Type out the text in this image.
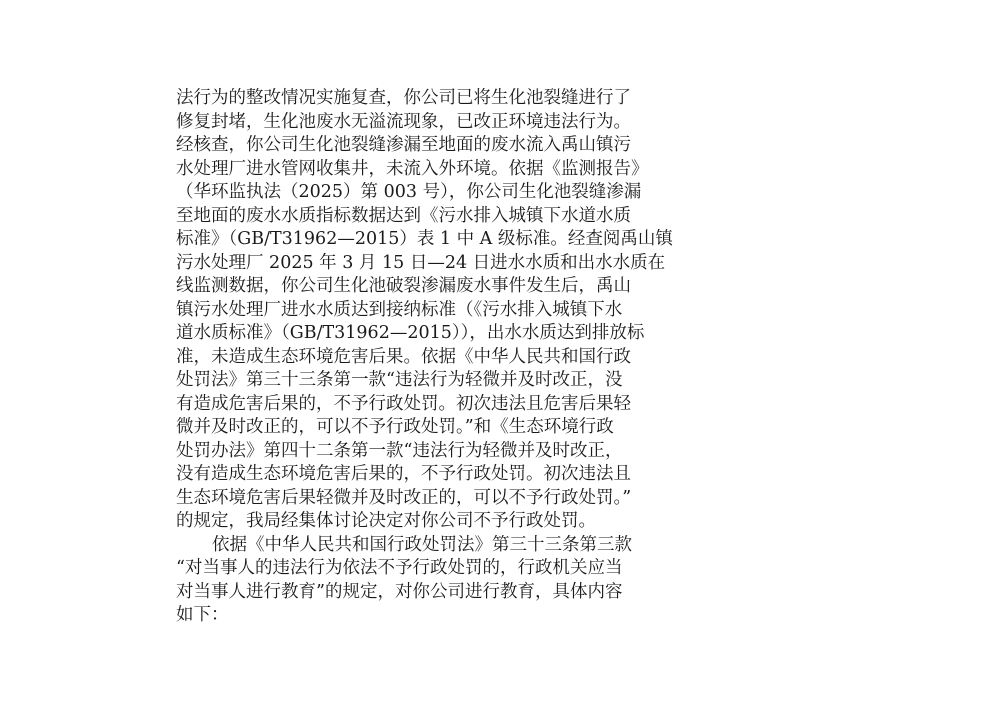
法行为的整改情况实施复查，你公司已将生化池裂缝进行了
修复封堵，生化池废水无溢流现象，已改正环境违法行为。
经核查，你公司生化池裂缝渗漏至地面的废水流入禹山镇污
水处理厂进水管网收集井，未流入外环境。依据《监测报告》
（华环监执法（2025）第 003 号），你公司生化池裂缝渗漏
至地面的废水水质指标数据达到《污水排入城镇下水道水质
标准》（GB/T31962—2015）表 1 中 A 级标准。经查阅禹山镇
污水处理厂 2025 年 3 月 15 日—24 日进水水质和出水水质在
线监测数据，你公司生化池破裂渗漏废水事件发生后，禹山
镇污水处理厂进水水质达到接纳标准（《污水排入城镇下水
道水质标准》（GB/T31962—2015）），出水水质达到排放标
准，未造成生态环境危害后果。依据《中华人民共和国行政
处罚法》第三十三条第一款“违法行为轻微并及时改正，没
有造成危害后果的，不予行政处罚。初次违法且危害后果轻
微并及时改正的，可以不予行政处罚。”和《生态环境行政
处罚办法》第四十二条第一款“违法行为轻微并及时改正，
没有造成生态环境危害后果的，不予行政处罚。初次违法且
生态环境危害后果轻微并及时改正的，可以不予行政处罚。”
的规定，我局经集体讨论决定对你公司不予行政处罚。
依据《中华人民共和国行政处罚法》第三十三条第三款
“对当事人的违法行为依法不予行政处罚的，行政机关应当
对当事人进行教育”的规定，对你公司进行教育，具体内容
如下：
